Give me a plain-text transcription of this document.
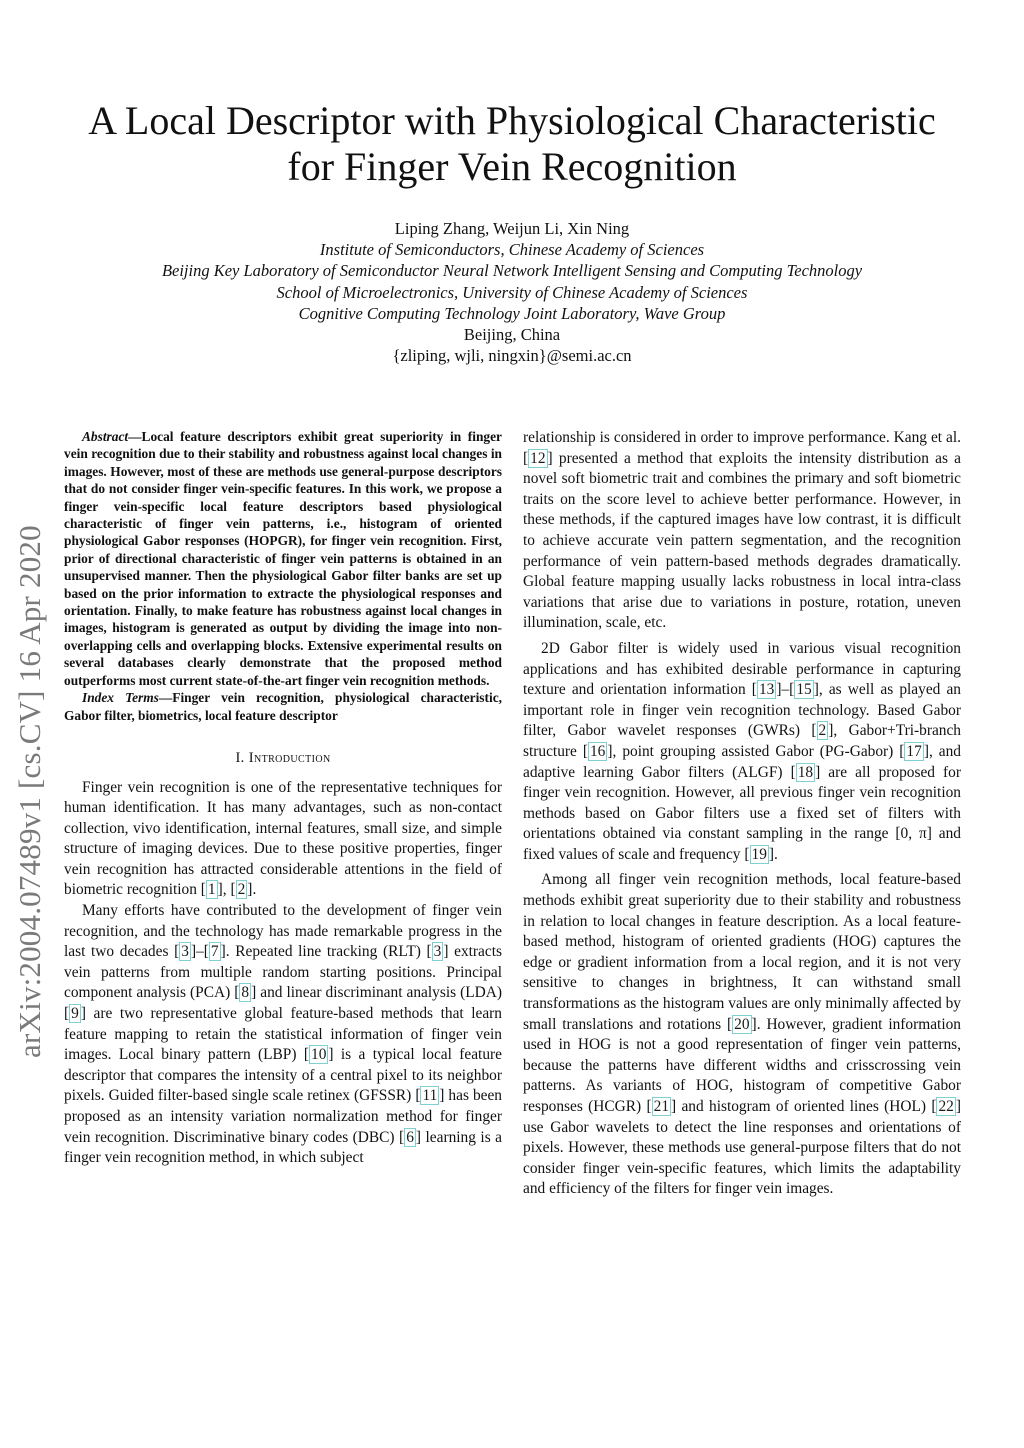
A Local Descriptor with Physiological Characteristic
for Finger Vein Recognition
Liping Zhang, Weijun Li, Xin Ning
Institute of Semiconductors, Chinese Academy of Sciences
Beijing Key Laboratory of Semiconductor Neural Network Intelligent Sensing and Computing Technology
School of Microelectronics, University of Chinese Academy of Sciences
Cognitive Computing Technology Joint Laboratory, Wave Group
Beijing, China
{zliping, wjli, ningxin}@semi.ac.cn
arXiv:2004.07489v1 [cs.CV] 16 Apr 2020

Abstract—Local feature descriptors exhibit great superiority in finger vein recognition due to their stability and robustness against local changes in images. However, most of these are methods use general-purpose descriptors that do not consider finger vein-specific features. In this work, we propose a finger vein-specific local feature descriptors based physiological characteristic of finger vein patterns, i.e., histogram of oriented physiological Gabor responses (HOPGR), for finger vein recognition. First, prior of directional characteristic of finger vein patterns is obtained in an unsupervised manner. Then the physiological Gabor filter banks are set up based on the prior information to extracte the physiological responses and orientation. Finally, to make feature has robustness against local changes in images, histogram is generated as output by dividing the image into non-overlapping cells and overlapping blocks. Extensive experimental results on several databases clearly demonstrate that the proposed method outperforms most current state-of-the-art finger vein recognition methods.

Index Terms—Finger vein recognition, physiological characteristic, Gabor filter, biometrics, local feature descriptor

I. Introduction

Finger vein recognition is one of the representative techniques for human identification. It has many advantages, such as non-contact collection, vivo identification, internal features, small size, and simple structure of imaging devices. Due to these positive properties, finger vein recognition has attracted considerable attentions in the field of biometric recognition [ 1 ], [ 2 ].

Many efforts have contributed to the development of finger vein recognition, and the technology has made remarkable progress in the last two decades [ 3 ]–[ 7 ]. Repeated line tracking (RLT) [ 3 ] extracts vein patterns from multiple random starting positions. Principal component analysis (PCA) [ 8 ] and linear discriminant analysis (LDA) [ 9 ] are two representative global feature-based methods that learn feature mapping to retain the statistical information of finger vein images. Local binary pattern (LBP) [ 10 ] is a typical local feature descriptor that compares the intensity of a central pixel to its neighbor pixels. Guided filter-based single scale retinex (GFSSR) [ 11 ] has been proposed as an intensity variation normalization method for finger vein recognition. Discriminative binary codes (DBC) [ 6 ] learning is a finger vein recognition method, in which subject

relationship is considered in order to improve performance. Kang et al. [ 12 ] presented a method that exploits the intensity distribution as a novel soft biometric trait and combines the primary and soft biometric traits on the score level to achieve better performance. However, in these methods, if the captured images have low contrast, it is difficult to achieve accurate vein pattern segmentation, and the recognition performance of vein pattern-based methods degrades dramatically. Global feature mapping usually lacks robustness in local intra-class variations that arise due to variations in posture, rotation, uneven illumination, scale, etc.

2D Gabor filter is widely used in various visual recognition applications and has exhibited desirable performance in capturing texture and orientation information [ 13 ]–[ 15 ], as well as played an important role in finger vein recognition technology. Based Gabor filter, Gabor wavelet responses (GWRs) [ 2 ], Gabor+Tri-branch structure [ 16 ], point grouping assisted Gabor (PG-Gabor) [ 17 ], and adaptive learning Gabor filters (ALGF) [ 18 ] are all proposed for finger vein recognition. However, all previous finger vein recognition methods based on Gabor filters use a fixed set of filters with orientations obtained via constant sampling in the range [0, π] and fixed values of scale and frequency [ 19 ].

Among all finger vein recognition methods, local feature-based methods exhibit great superiority due to their stability and robustness in relation to local changes in feature description. As a local feature-based method, histogram of oriented gradients (HOG) captures the edge or gradient information from a local region, and it is not very sensitive to changes in brightness, It can withstand small transformations as the histogram values are only minimally affected by small translations and rotations [ 20 ]. However, gradient information used in HOG is not a good representation of finger vein patterns, because the patterns have different widths and crisscrossing vein patterns. As variants of HOG, histogram of competitive Gabor responses (HCGR) [ 21 ] and histogram of oriented lines (HOL) [ 22 ] use Gabor wavelets to detect the line responses and orientations of pixels. However, these methods use general-purpose filters that do not consider finger vein-specific features, which limits the adaptability and efficiency of the filters for finger vein images.
